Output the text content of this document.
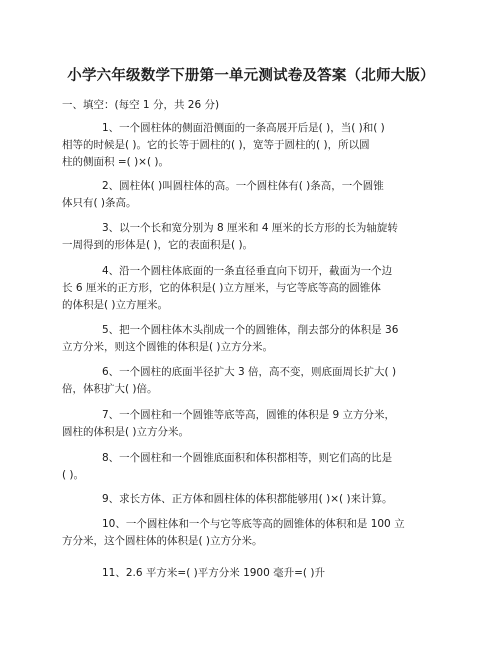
小学六年级数学下册第一单元测试卷及答案（北师大版）
一、填空：(每空 1 分，共 26 分)
1、一个圆柱体的侧面沿侧面的一条高展开后是( )，当( )和( )
相等的时候是( )。它的长等于圆柱的( )，宽等于圆柱的( )，所以圆
柱的侧面积 =( )×( )。
2、圆柱体( )叫圆柱体的高。一个圆柱体有( )条高，一个圆锥
体只有( )条高。
3、以一个长和宽分别为 8 厘米和 4 厘米的长方形的长为轴旋转
一周得到的形体是( )，它的表面积是( )。
4、沿一个圆柱体底面的一条直径垂直向下切开，截面为一个边
长 6 厘米的正方形，它的体积是( )立方厘米，与它等底等高的圆锥体
的体积是( )立方厘米。
5、把一个圆柱体木头削成一个的圆锥体，削去部分的体积是 36
立方分米，则这个圆锥的体积是( )立方分米。
6、一个圆柱的底面半径扩大 3 倍，高不变，则底面周长扩大( )
倍，体积扩大( )倍。
7、一个圆柱和一个圆锥等底等高，圆锥的体积是 9 立方分米，
圆柱的体积是( )立方分米。
8、一个圆柱和一个圆锥底面积和体积都相等，则它们高的比是
( )。
9、求长方体、正方体和圆柱体的体积都能够用( )×( )来计算。
10、一个圆柱体和一个与它等底等高的圆锥体的体积和是 100 立
方分米，这个圆柱体的体积是( )立方分米。
11、2.6 平方米=( )平方分米 1900 毫升=( )升
